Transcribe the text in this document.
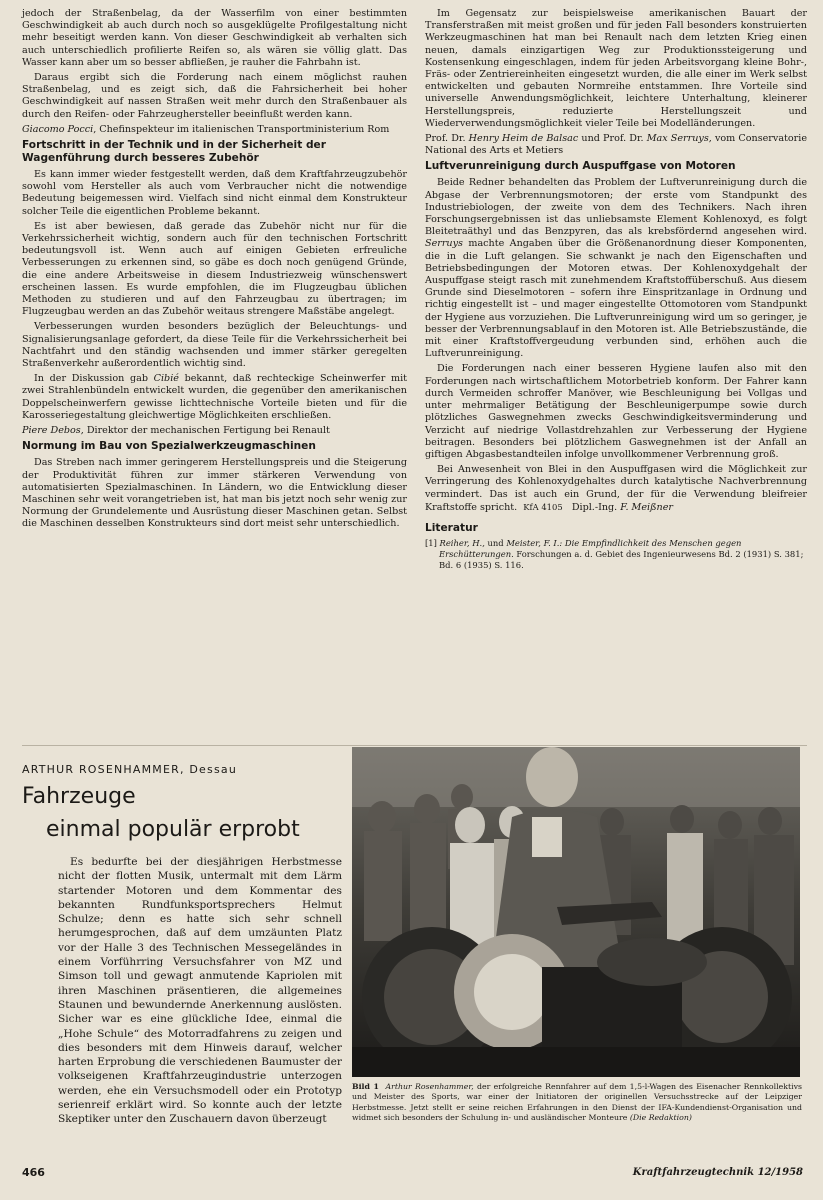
jedoch der Straßenbelag, da der Wasserfilm von einer bestimmten Geschwindigkeit ab auch durch noch so ausgeklügelte Profilgestaltung nicht mehr beseitigt werden kann. Von dieser Geschwindigkeit ab verhalten sich auch unterschiedlich profilierte Reifen so, als wären sie völlig glatt. Das Wasser kann aber um so besser abfließen, je rauher die Fahrbahn ist.

Daraus ergibt sich die Forderung nach einem möglichst rauhen Straßenbelag, und es zeigt sich, daß die Fahrsicherheit bei hoher Geschwindigkeit auf nassen Straßen weit mehr durch den Straßenbauer als durch den Reifen- oder Fahrzeughersteller beeinflußt werden kann.

Giacomo Pocci, Chefinspekteur im italienischen Transportministerium Rom

Fortschritt in der Technik und in der Sicherheit der Wagenführung durch besseres Zubehör

Es kann immer wieder festgestellt werden, daß dem Kraftfahrzeugzubehör sowohl vom Hersteller als auch vom Verbraucher nicht die notwendige Bedeutung beigemessen wird. Vielfach sind nicht einmal dem Konstrukteur solcher Teile die eigentlichen Probleme bekannt.

Es ist aber bewiesen, daß gerade das Zubehör nicht nur für die Verkehrssicherheit wichtig, sondern auch für den technischen Fortschritt bedeutungsvoll ist. Wenn auch auf einigen Gebieten erfreuliche Verbesserungen zu erkennen sind, so gäbe es doch noch genügend Gründe, die eine andere Arbeitsweise in diesem Industriezweig wünschenswert erscheinen lassen. Es wurde empfohlen, die im Flugzeugbau üblichen Methoden zu studieren und auf den Fahrzeugbau zu übertragen; im Flugzeugbau werden an das Zubehör weitaus strengere Maßstäbe angelegt.

Verbesserungen wurden besonders bezüglich der Beleuchtungs- und Signalisierungsanlage gefordert, da diese Teile für die Verkehrssicherheit bei Nachtfahrt und den ständig wachsenden und immer stärker geregelten Straßenverkehr außerordentlich wichtig sind.

In der Diskussion gab Cibié bekannt, daß rechteckige Scheinwerfer mit zwei Strahlenbündeln entwickelt wurden, die gegenüber den amerikanischen Doppelscheinwerfern gewisse lichttechnische Vorteile bieten und für die Karosseriegestaltung gleichwertige Möglichkeiten erschließen.

Piere Debos, Direktor der mechanischen Fertigung bei Renault

Normung im Bau von Spezialwerkzeugmaschinen

Das Streben nach immer geringerem Herstellungspreis und die Steigerung der Produktivität führen zur immer stärkeren Verwendung von automatisierten Spezialmaschinen. In Ländern, wo die Entwicklung dieser Maschinen sehr weit vorangetrieben ist, hat man bis jetzt noch sehr wenig zur Normung der Grundelemente und Ausrüstung dieser Maschinen getan. Selbst die Maschinen desselben Konstrukteurs sind dort meist sehr unterschiedlich.

Im Gegensatz zur beispielsweise amerikanischen Bauart der Transferstraßen mit meist großen und für jeden Fall besonders konstruierten Werkzeugmaschinen hat man bei Renault nach dem letzten Krieg einen neuen, damals einzigartigen Weg zur Produktionssteigerung und Kostensenkung eingeschlagen, indem für jeden Arbeitsvorgang kleine Bohr-, Fräs- oder Zentriereinheiten eingesetzt wurden, die alle einer im Werk selbst entwickelten und gebauten Normreihe entstammen. Ihre Vorteile sind universelle Anwendungsmöglichkeit, leichtere Unterhaltung, kleinerer Herstellungspreis, reduzierte Herstellungszeit und Wiederverwendungsmöglichkeit vieler Teile bei Modelländerungen.

Prof. Dr. Henry Heim de Balsac und Prof. Dr. Max Serruys, vom Conservatorie National des Arts et Metiers

Luftverunreinigung durch Auspuffgase von Motoren

Beide Redner behandelten das Problem der Luftverunreinigung durch die Abgase der Verbrennungsmotoren; der erste vom Standpunkt des Industriebiologen, der zweite von dem des Technikers. Nach ihren Forschungsergebnissen ist das unliebsamste Element Kohlenoxyd, es folgt Bleitetraäthyl und das Benzpyren, das als krebsfördernd angesehen wird. Serruys machte Angaben über die Größenanordnung dieser Komponenten, die in die Luft gelangen. Sie schwankt je nach den Eigenschaften und Betriebsbedingungen der Motoren etwas. Der Kohlenoxydgehalt der Auspuffgase steigt rasch mit zunehmendem Kraftstoffüberschuß. Aus diesem Grunde sind Dieselmotoren – sofern ihre Einspritzanlage in Ordnung und richtig eingestellt ist – und mager eingestellte Ottomotoren vom Standpunkt der Hygiene aus vorzuziehen. Die Luftverunreinigung wird um so geringer, je besser der Verbrennungsablauf in den Motoren ist. Alle Betriebszustände, die mit einer Kraftstoffvergeudung verbunden sind, erhöhen auch die Luftverunreinigung.

Die Forderungen nach einer besseren Hygiene laufen also mit den Forderungen nach wirtschaftlichem Motorbetrieb konform. Der Fahrer kann durch Vermeiden schroffer Manöver, wie Beschleunigung bei Vollgas und unter mehrmaliger Betätigung der Beschleunigerpumpe sowie durch plötzliches Gaswegnehmen zwecks Geschwindigkeitsverminderung und Verzicht auf niedrige Vollastdrehzahlen zur Verbesserung der Hygiene beitragen. Besonders bei plötzlichem Gaswegnehmen ist der Anfall an giftigen Abgasbestandteilen infolge unvollkommener Verbrennung groß.

Bei Anwesenheit von Blei in den Auspuffgasen wird die Möglichkeit zur Verringerung des Kohlenoxydgehaltes durch katalytische Nachverbrennung vermindert. Das ist auch ein Grund, der für die Verwendung bleifreier Kraftstoffe spricht. KfA 4105 Dipl.-Ing. F. Meißner

Literatur
[1] Reiher, H., und Meister, F. I.: Die Empfindlichkeit des Menschen gegen Erschütterungen. Forschungen a. d. Gebiet des Ingenieurwesens Bd. 2 (1931) S. 381; Bd. 6 (1935) S. 116.
ARTHUR ROSENHAMMER, Dessau
Fahrzeuge
einmal populär erprobt

Es bedurfte bei der diesjährigen Herbstmesse nicht der flotten Musik, untermalt mit dem Lärm startender Motoren und dem Kommentar des bekannten Rundfunksportsprechers Helmut Schulze; denn es hatte sich sehr schnell herumgesprochen, daß auf dem umzäunten Platz vor der Halle 3 des Technischen Messegeländes in einem Vorführring Versuchsfahrer von MZ und Simson toll und gewagt anmutende Kapriolen mit ihren Maschinen präsentieren, die allgemeines Staunen und bewundernde Anerkennung auslösten. Sicher war es eine glückliche Idee, einmal die „Hohe Schule“ des Motorradfahrens zu zeigen und dies besonders mit dem Hinweis darauf, welcher harten Erprobung die verschiedenen Baumuster der volkseigenen Kraftfahrzeugindustrie unterzogen werden, ehe ein Versuchsmodell oder ein Prototyp serienreif erklärt wird. So konnte auch der letzte Skeptiker unter den Zuschauern davon überzeugt

Bild 1 Arthur Rosenhammer, der erfolgreiche Rennfahrer auf dem 1,5-l-Wagen des Eisenacher Rennkollektivs und Meister des Sports, war einer der Initiatoren der originellen Versuchsstrecke auf der Leipziger Herbstmesse. Jetzt stellt er seine reichen Erfahrungen in den Dienst der IFA-Kundendienst-Organisation und widmet sich besonders der Schulung in- und ausländischer Monteure (Die Redaktion)
466	Kraftfahrzeugtechnik 12/1958
